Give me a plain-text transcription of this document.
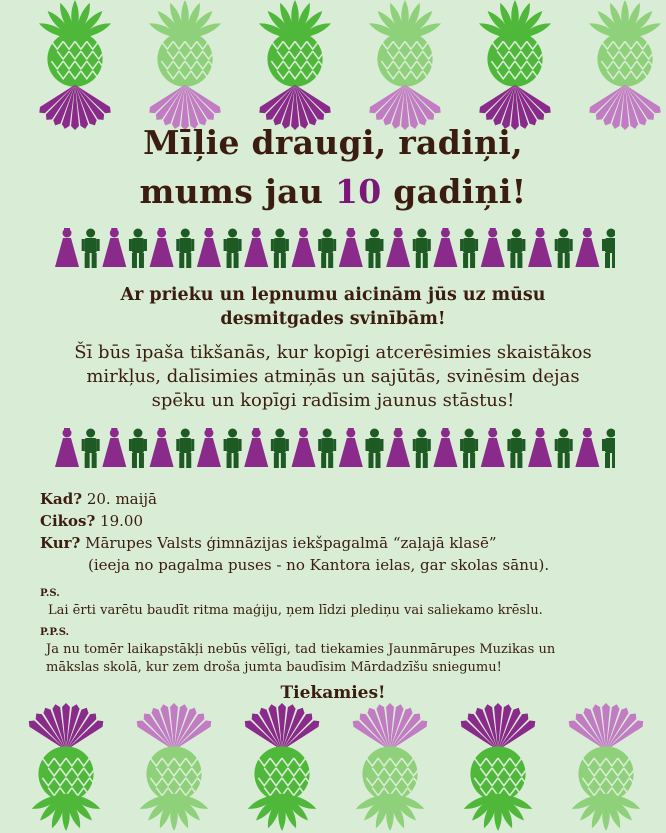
Mīļie draugi, radiņi,
mums jau 10 gadiņi!
Ar prieku un lepnumu aicinām jūs uz mūsu
desmitgades svinībām!
Šī būs īpaša tikšanās, kur kopīgi atcerēsimies skaistākos
mirkļus, dalīsimies atmiņās un sajūtās, svinēsim dejas
spēku un kopīgi radīsim jaunus stāstus!
Kad? 20. maijā
Cikos? 19.00
Kur? Mārupes Valsts ģimnāzijas iekšpagalmā “zaļajā klasē”
(ieeja no pagalma puses - no Kantora ielas, gar skolas sānu).
P.S.
Lai ērti varētu baudīt ritma maģiju, ņem līdzi plediņu vai saliekamo krēslu.
P.P.S.
Ja nu tomēr laikapstākļi nebūs vēlīgi, tad tiekamies Jaunmārupes Muzikas un
mākslas skolā, kur zem droša jumta baudīsim Mārdadzīšu sniegumu!
Tiekamies!
